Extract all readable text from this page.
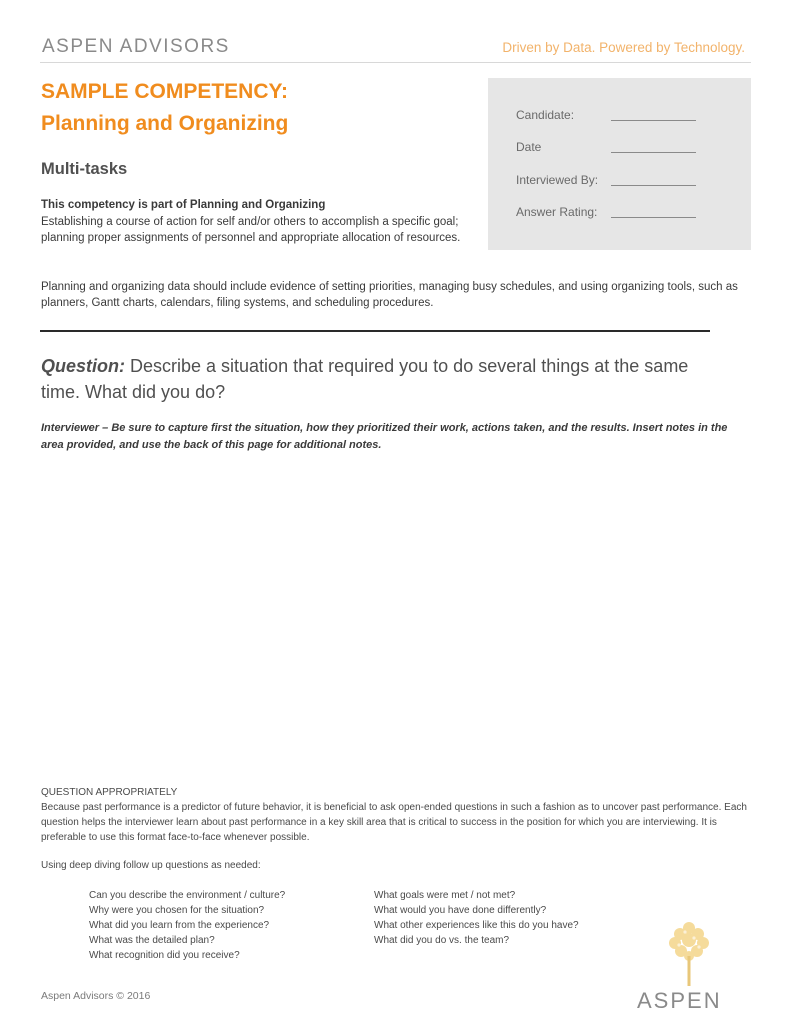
ASPEN ADVISORS	Driven by Data. Powered by Technology.
SAMPLE COMPETENCY:
Planning and Organizing
Multi-tasks
Candidate:
Date
Interviewed By:
Answer Rating:
This competency is part of Planning and Organizing
Establishing a course of action for self and/or others to accomplish a specific goal; planning proper assignments of personnel and appropriate allocation of resources.
Planning and organizing data should include evidence of setting priorities, managing busy schedules, and using organizing tools, such as planners, Gantt charts, calendars, filing systems, and scheduling procedures.
Question: Describe a situation that required you to do several things at the same time. What did you do?
Interviewer – Be sure to capture first the situation, how they prioritized their work, actions taken, and the results. Insert notes in the area provided, and use the back of this page for additional notes.
QUESTION APPROPRIATELY
Because past performance is a predictor of future behavior, it is beneficial to ask open-ended questions in such a fashion as to uncover past performance. Each question helps the interviewer learn about past performance in a key skill area that is critical to success in the position for which you are interviewing. It is preferable to use this format face-to-face whenever possible.
Using deep diving follow up questions as needed:
Can you describe the environment / culture?
Why were you chosen for the situation?
What did you learn from the experience?
What was the detailed plan?
What recognition did you receive?
What goals were met / not met?
What would you have done differently?
What other experiences like this do you have?
What did you do vs. the team?
Aspen Advisors © 2016	ASPEN
